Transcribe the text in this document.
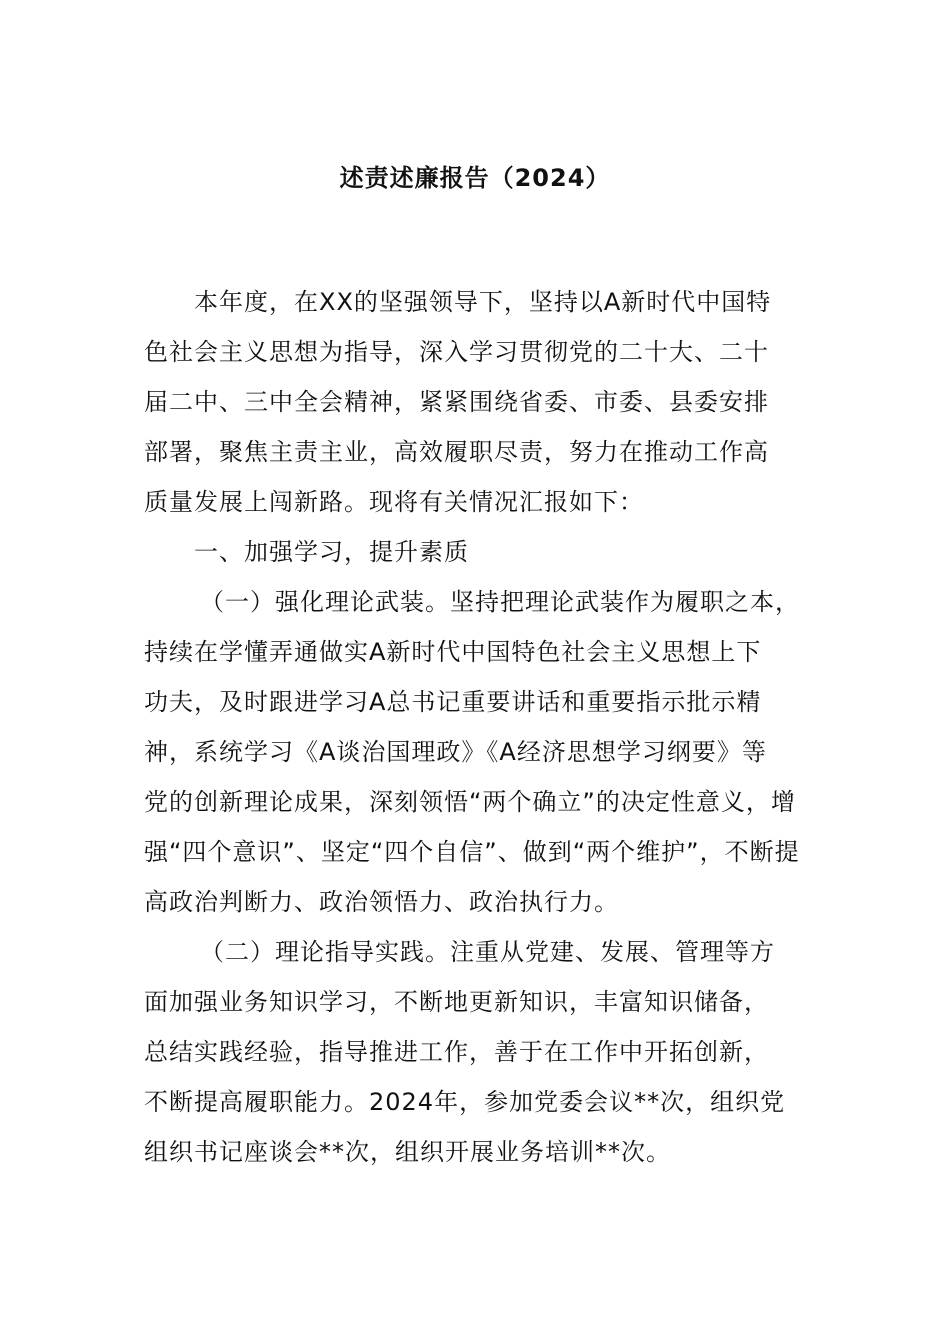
述责述廉报告（2024）
本年度，在XX的坚强领导下，坚持以A新时代中国特
色社会主义思想为指导，深入学习贯彻党的二十大、二十
届二中、三中全会精神，紧紧围绕省委、市委、县委安排
部署，聚焦主责主业，高效履职尽责，努力在推动工作高
质量发展上闯新路。现将有关情况汇报如下：
一、加强学习，提升素质
（一）强化理论武装。坚持把理论武装作为履职之本，
持续在学懂弄通做实A新时代中国特色社会主义思想上下
功夫，及时跟进学习A总书记重要讲话和重要指示批示精
神，系统学习《A谈治国理政》《A经济思想学习纲要》等
党的创新理论成果，深刻领悟“两个确立”的决定性意义，增
强“四个意识”、坚定“四个自信”、做到“两个维护”，不断提
高政治判断力、政治领悟力、政治执行力。
（二）理论指导实践。注重从党建、发展、管理等方
面加强业务知识学习，不断地更新知识，丰富知识储备，
总结实践经验，指导推进工作，善于在工作中开拓创新，
不断提高履职能力。2024年，参加党委会议**次，组织党
组织书记座谈会**次，组织开展业务培训**次。
